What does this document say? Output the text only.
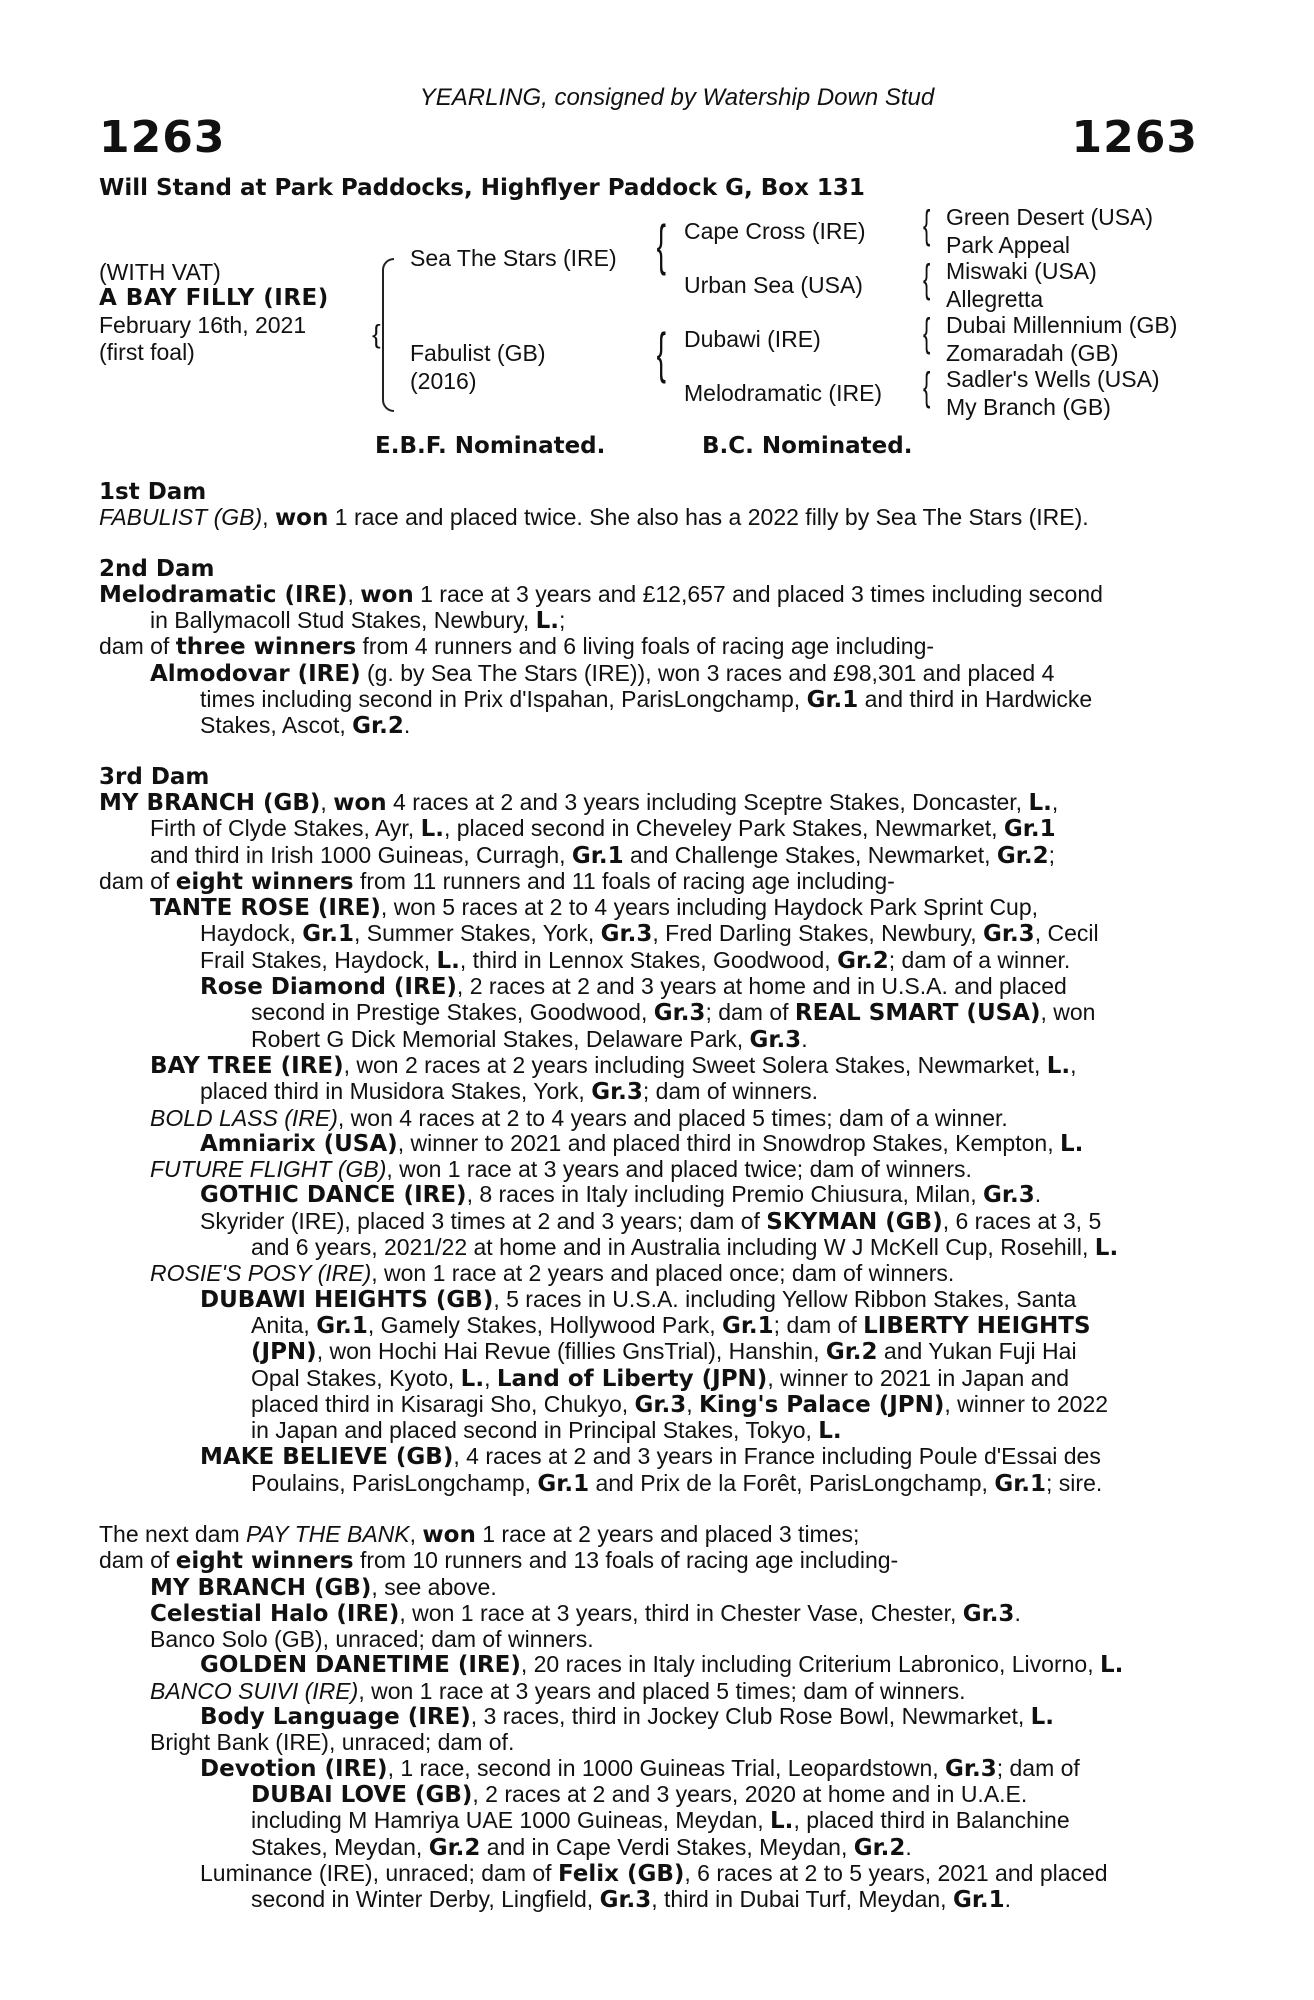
YEARLING, consigned by Watership Down Stud
1263	1263
Will Stand at Park Paddocks, Highflyer Paddock G, Box 131
(WITH VAT)
A BAY FILLY (IRE)
February 16th, 2021
(first foal)
{
Sea The Stars (IRE)
Fabulist (GB)
(2016)
{
{
Cape Cross (IRE)
Urban Sea (USA)
Dubawi (IRE)
Melodramatic (IRE)
{
{
{
{
Green Desert (USA)
Park Appeal
Miswaki (USA)
Allegretta
Dubai Millennium (GB)
Zomaradah (GB)
Sadler's Wells (USA)
My Branch (GB)
E.B.F. Nominated.	B.C. Nominated.
1st Dam
FABULIST (GB), won 1 race and placed twice. She also has a 2022 filly by Sea The Stars (IRE).
2nd Dam
Melodramatic (IRE), won 1 race at 3 years and £12,657 and placed 3 times including second
in Ballymacoll Stud Stakes, Newbury, L.;
dam of three winners from 4 runners and 6 living foals of racing age including-
Almodovar (IRE) (g. by Sea The Stars (IRE)), won 3 races and £98,301 and placed 4
times including second in Prix d'Ispahan, ParisLongchamp, Gr.1 and third in Hardwicke
Stakes, Ascot, Gr.2.
3rd Dam
MY BRANCH (GB), won 4 races at 2 and 3 years including Sceptre Stakes, Doncaster, L.,
Firth of Clyde Stakes, Ayr, L., placed second in Cheveley Park Stakes, Newmarket, Gr.1
and third in Irish 1000 Guineas, Curragh, Gr.1 and Challenge Stakes, Newmarket, Gr.2;
dam of eight winners from 11 runners and 11 foals of racing age including-
TANTE ROSE (IRE), won 5 races at 2 to 4 years including Haydock Park Sprint Cup,
Haydock, Gr.1, Summer Stakes, York, Gr.3, Fred Darling Stakes, Newbury, Gr.3, Cecil
Frail Stakes, Haydock, L., third in Lennox Stakes, Goodwood, Gr.2; dam of a winner.
Rose Diamond (IRE), 2 races at 2 and 3 years at home and in U.S.A. and placed
second in Prestige Stakes, Goodwood, Gr.3; dam of REAL SMART (USA), won
Robert G Dick Memorial Stakes, Delaware Park, Gr.3.
BAY TREE (IRE), won 2 races at 2 years including Sweet Solera Stakes, Newmarket, L.,
placed third in Musidora Stakes, York, Gr.3; dam of winners.
BOLD LASS (IRE), won 4 races at 2 to 4 years and placed 5 times; dam of a winner.
Amniarix (USA), winner to 2021 and placed third in Snowdrop Stakes, Kempton, L.
FUTURE FLIGHT (GB), won 1 race at 3 years and placed twice; dam of winners.
GOTHIC DANCE (IRE), 8 races in Italy including Premio Chiusura, Milan, Gr.3.
Skyrider (IRE), placed 3 times at 2 and 3 years; dam of SKYMAN (GB), 6 races at 3, 5
and 6 years, 2021/22 at home and in Australia including W J McKell Cup, Rosehill, L.
ROSIE'S POSY (IRE), won 1 race at 2 years and placed once; dam of winners.
DUBAWI HEIGHTS (GB), 5 races in U.S.A. including Yellow Ribbon Stakes, Santa
Anita, Gr.1, Gamely Stakes, Hollywood Park, Gr.1; dam of LIBERTY HEIGHTS
(JPN), won Hochi Hai Revue (fillies GnsTrial), Hanshin, Gr.2 and Yukan Fuji Hai
Opal Stakes, Kyoto, L., Land of Liberty (JPN), winner to 2021 in Japan and
placed third in Kisaragi Sho, Chukyo, Gr.3, King's Palace (JPN), winner to 2022
in Japan and placed second in Principal Stakes, Tokyo, L.
MAKE BELIEVE (GB), 4 races at 2 and 3 years in France including Poule d'Essai des
Poulains, ParisLongchamp, Gr.1 and Prix de la Forêt, ParisLongchamp, Gr.1; sire.
The next dam PAY THE BANK, won 1 race at 2 years and placed 3 times;
dam of eight winners from 10 runners and 13 foals of racing age including-
MY BRANCH (GB), see above.
Celestial Halo (IRE), won 1 race at 3 years, third in Chester Vase, Chester, Gr.3.
Banco Solo (GB), unraced; dam of winners.
GOLDEN DANETIME (IRE), 20 races in Italy including Criterium Labronico, Livorno, L.
BANCO SUIVI (IRE), won 1 race at 3 years and placed 5 times; dam of winners.
Body Language (IRE), 3 races, third in Jockey Club Rose Bowl, Newmarket, L.
Bright Bank (IRE), unraced; dam of.
Devotion (IRE), 1 race, second in 1000 Guineas Trial, Leopardstown, Gr.3; dam of
DUBAI LOVE (GB), 2 races at 2 and 3 years, 2020 at home and in U.A.E.
including M Hamriya UAE 1000 Guineas, Meydan, L., placed third in Balanchine
Stakes, Meydan, Gr.2 and in Cape Verdi Stakes, Meydan, Gr.2.
Luminance (IRE), unraced; dam of Felix (GB), 6 races at 2 to 5 years, 2021 and placed
second in Winter Derby, Lingfield, Gr.3, third in Dubai Turf, Meydan, Gr.1.
